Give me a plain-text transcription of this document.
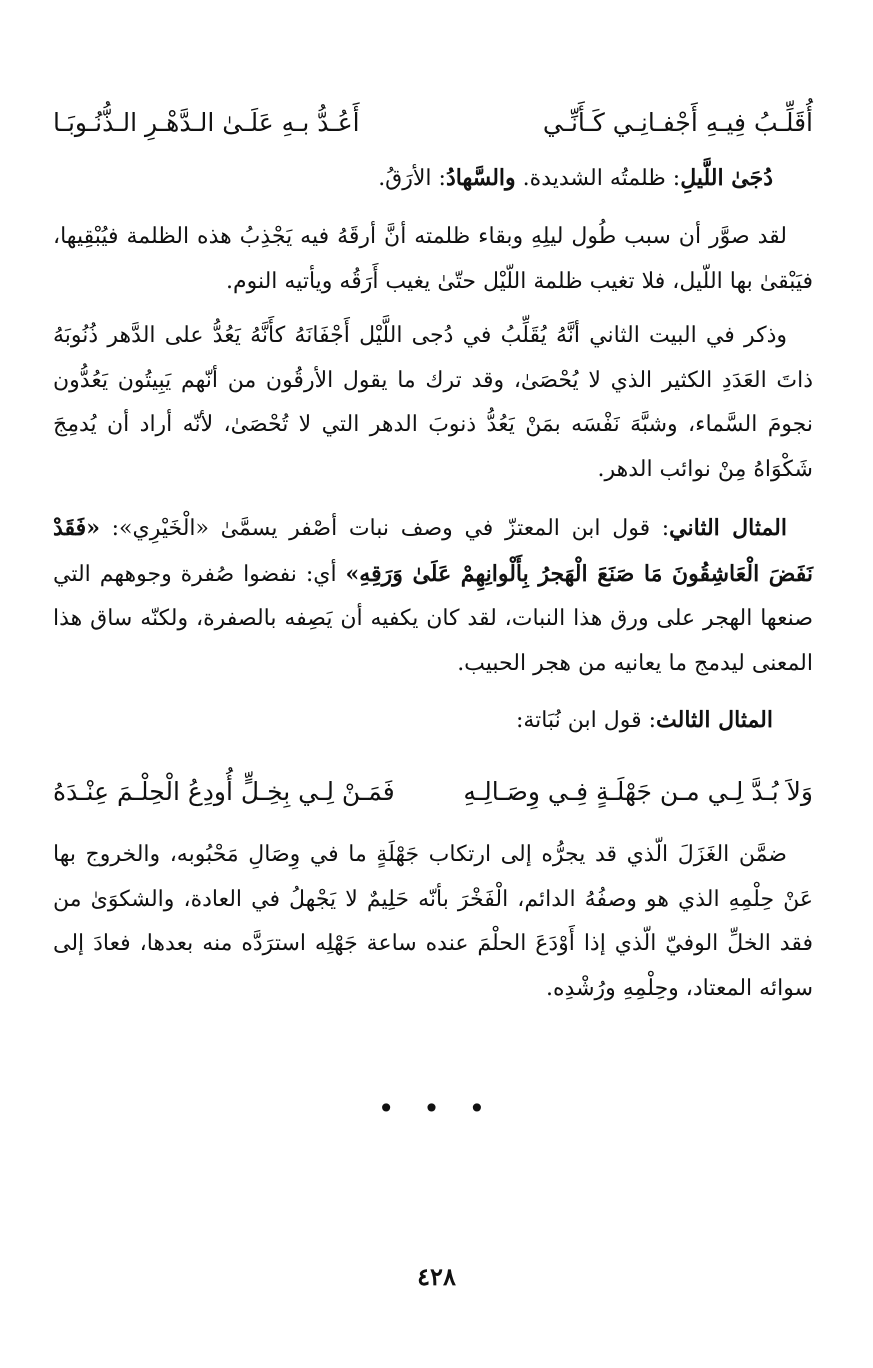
أُقَلِّـبُ فِيـهِ أَجْفـانِـي كَـأَنِّـي
أَعُـدُّ بـهِ عَلَـىٰ الـدَّهْـرِ الـذُّنُـوبَـا

دُجَىٰ اللَّيلِ: ظلمتُه الشديدة. والسَّهادُ: الأرَقُ.

لقد صوَّر أن سبب طُول ليلِهِ وبقاء ظلمته أنَّ أرقَهُ فيه يَجْذِبُ هذه الظلمة فيُبْقِيها، فيَبْقىٰ بها اللّيل، فلا تغيب ظلمة اللّيْل حتّىٰ يغيب أَرَقُه ويأتيه النوم.

وذكر في البيت الثاني أنَّهُ يُقَلِّبُ في دُجى اللَّيْل أَجْفَانَهُ كأَنَّهُ يَعُدُّ على الدَّهر ذُنُوبَهُ ذاتَ العَدَدِ الكثير الذي لا يُحْصَىٰ، وقد ترك ما يقول الأرقُون من أنّهم يَبِيتُون يَعُدُّون نجومَ السَّماء، وشبَّهَ نَفْسَه بمَنْ يَعُدُّ ذنوبَ الدهر التي لا تُحْصَىٰ، لأنّه أراد أن يُدمِجَ شَكْوَاهُ مِنْ نوائب الدهر.

المثال الثاني: قول ابن المعتزّ في وصف نبات أصْفر يسمَّىٰ «الْخَيْرِي»: «فَقَدْ نَفَضَ الْعَاشِقُونَ مَا صَنَعَ الْهَجرُ بِأَلْوانِهِمْ عَلَىٰ وَرَقِهِ» أي: نفضوا صُفرة وجوههم التي صنعها الهجر على ورق هذا النبات، لقد كان يكفيه أن يَصِفه بالصفرة، ولكنّه ساق هذا المعنى ليدمج ما يعانيه من هجر الحبيب.

المثال الثالث: قول ابن نُبَاتة:

وَلاَ بُـدَّ لِـي مـن جَهْلَـةٍ فِـي وِصَـالِـهِ
فَمَـنْ لِـي بِخِـلٍّ أُودِعُ الْحِلْـمَ عِنْـدَهُ

ضمَّن الغَزَلَ الّذي قد يجرُّه إلى ارتكاب جَهْلَةٍ ما في وِصَالِ مَحْبُوبه، والخروج بها عَنْ حِلْمِهِ الذي هو وصفُهُ الدائم، الْفَخْرَ بأنّه حَلِيمٌ لا يَجْهلُ في العادة، والشكوَىٰ من فقد الخلِّ الوفيّ الّذي إذا أَوْدَعَ الحلْمَ عنده ساعة جَهْلِه استرَدَّه منه بعدها، فعادَ إلى سوائه المعتاد، وحِلْمِهِ ورُشْدِه.

• • •
٤٢٨
